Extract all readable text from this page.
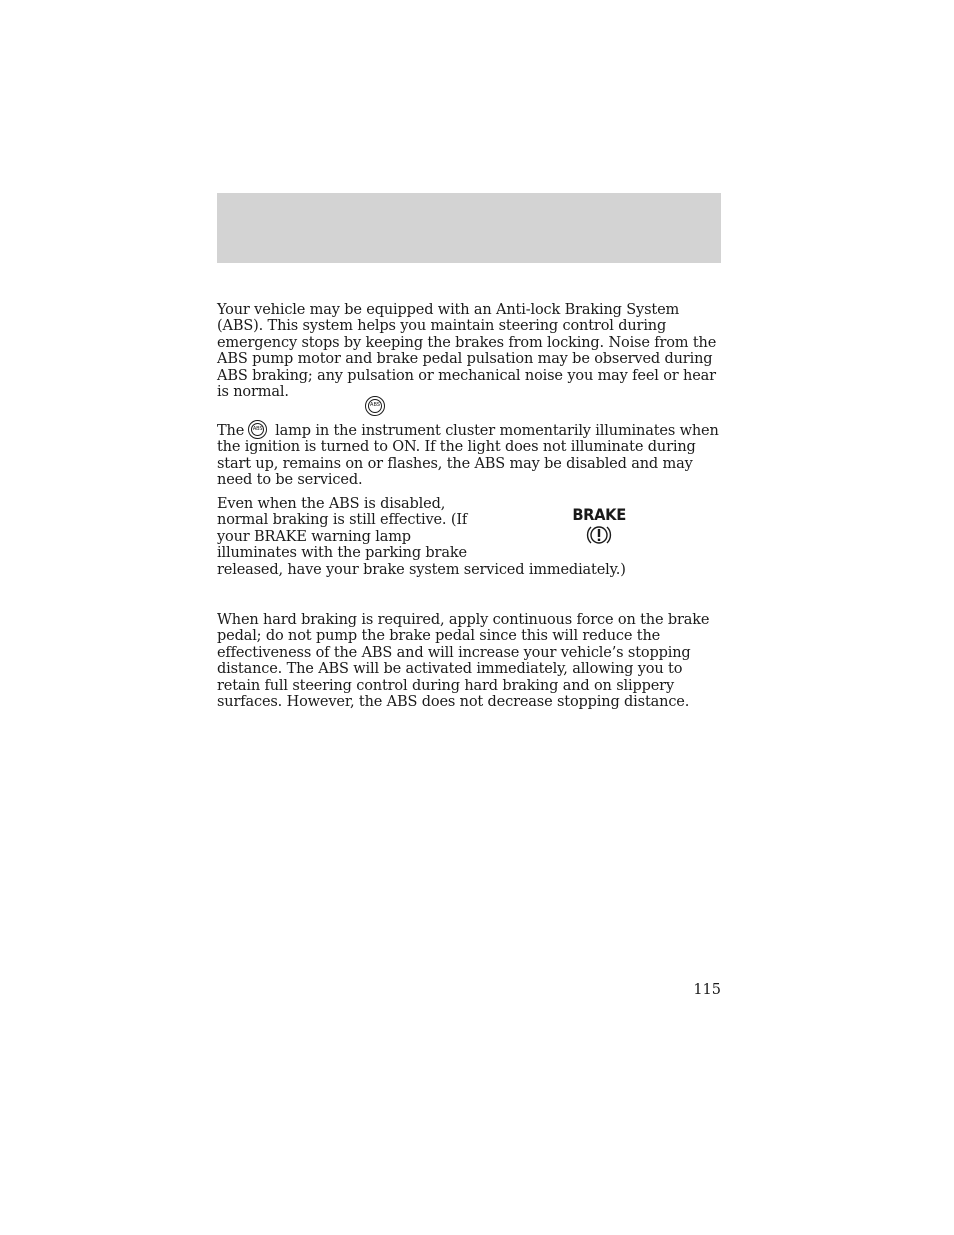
Your vehicle may be equipped with an Anti-lock Braking System (ABS). This system helps you maintain steering control during emergency stops by keeping the brakes from locking. Noise from the ABS pump motor and brake pedal pulsation may be observed during ABS braking; any pulsation or mechanical noise you may feel or hear is normal.

ABS

The	ABS lamp in the instrument cluster momentarily illuminates when the ignition is turned to ON. If the light does not illuminate during start up, remains on or flashes, the ABS may be disabled and may need to be serviced.

Even when the ABS is disabled,
normal braking is still effective. (If
your BRAKE warning lamp
illuminates with the parking brake
released, have your brake system serviced immediately.)
BRAKE

When hard braking is required, apply continuous force on the brake pedal; do not pump the brake pedal since this will reduce the effectiveness of the ABS and will increase your vehicle’s stopping distance. The ABS will be activated immediately, allowing you to retain full steering control during hard braking and on slippery surfaces. However, the ABS does not decrease stopping distance.

115
